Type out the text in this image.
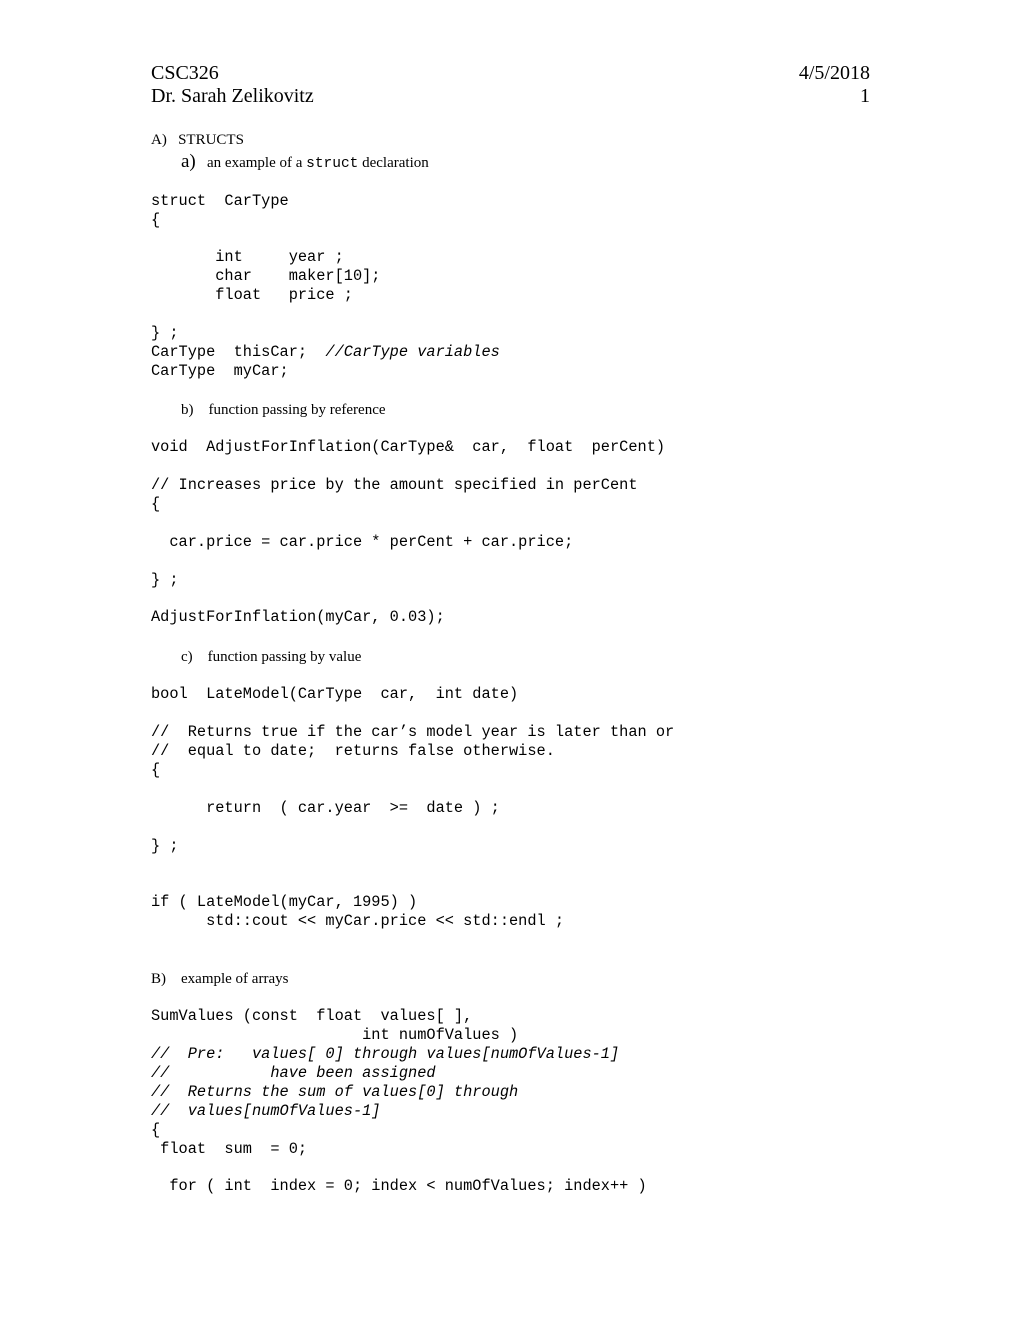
CSC326	4/5/2018
Dr. Sarah Zelikovitz	1
A)   STRUCTS
a) an example of a struct declaration
struct  CarType
{
int     year ;
char    maker[10];
float   price ;
} ;
CarType  thisCar;  //CarType variables
CarType  myCar;
b)    function passing by reference
void  AdjustForInflation(CarType&  car,  float  perCent)
// Increases price by the amount specified in perCent
{
car.price = car.price * perCent + car.price;
} ;
AdjustForInflation(myCar, 0.03);
c)    function passing by value
bool  LateModel(CarType  car,  int date)
//  Returns true if the car’s model year is later than or
//  equal to date;  returns false otherwise.
{
return  ( car.year  >=  date ) ;
} ;
if ( LateModel(myCar, 1995) )
std::cout << myCar.price << std::endl ;
B)    example of arrays
SumValues (const  float  values[ ],
int numOfValues )
//  Pre:   values[ 0] through values[numOfValues-1]
//           have been assigned
//  Returns the sum of values[0] through
//  values[numOfValues-1]
{
float  sum  = 0;
for ( int  index = 0; index < numOfValues; index++ )
